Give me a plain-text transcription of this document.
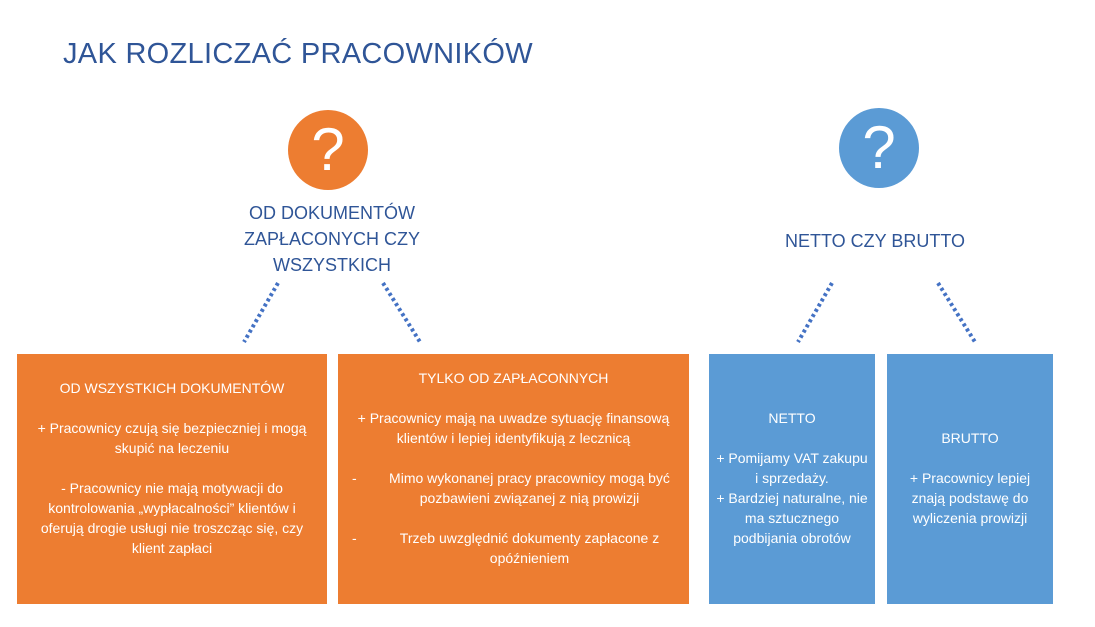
JAK ROZLICZAĆ PRACOWNIKÓW
?	?
OD DOKUMENTÓW ZAPŁACONYCH CZY WSZYSTKICH
NETTO CZY BRUTTO
OD WSZYSTKICH DOKUMENTÓW
+ Pracownicy czują się bezpieczniej i mogą skupić na leczeniu
- Pracownicy nie mają motywacji do kontrolowania „wypłacalności” klientów i oferują drogie usługi nie troszcząc się, czy klient zapłaci
TYLKO OD ZAPŁACONNYCH
+ Pracownicy mają na uwadze sytuację finansową klientów i lepiej identyfikują z lecznicą
-	Mimo wykonanej pracy pracownicy mogą być pozbawieni związanej z nią prowizji
-	Trzeb uwzględnić dokumenty zapłacone z opóźnieniem
NETTO
+ Pomijamy VAT zakupu i sprzedaży.
+ Bardziej naturalne, nie ma sztucznego podbijania obrotów
BRUTTO
+ Pracownicy lepiej znają podstawę do wyliczenia prowizji
